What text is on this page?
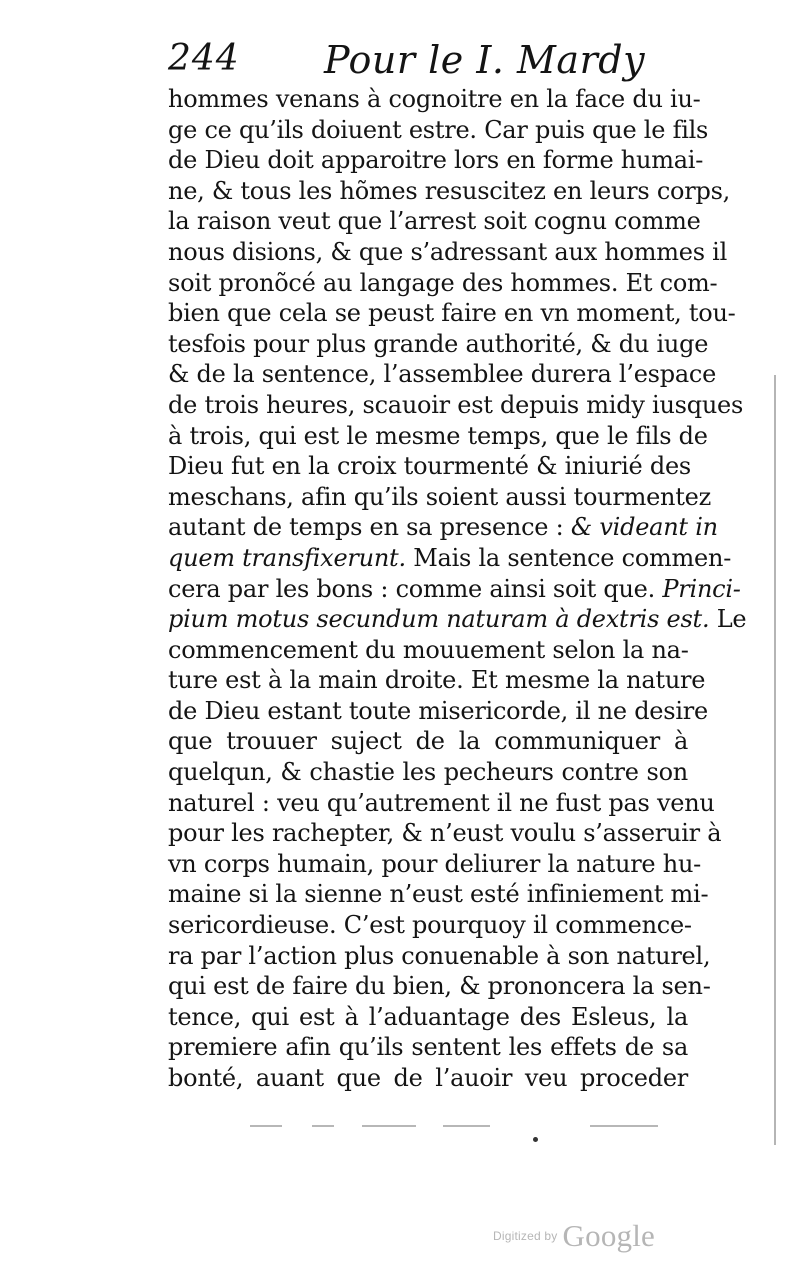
244 Pour le I. Mardy
hommes venans à cognoitre en la face du iu-
ge ce qu’ils doiuent estre. Car puis que le fils
de Dieu doit apparoitre lors en forme humai-
ne, & tous les hõmes resuscitez en leurs corps,
la raison veut que l’arrest soit cognu comme
nous disions, & que s’adressant aux hommes il
soit pronõcé au langage des hommes. Et com-
bien que cela se peust faire en vn moment, tou-
tesfois pour plus grande authorité, & du iuge
& de la sentence, l’assemblee durera l’espace
de trois heures, scauoir est depuis midy iusques
à trois, qui est le mesme temps, que le fils de
Dieu fut en la croix tourmenté & iniurié des
meschans, afin qu’ils soient aussi tourmentez
autant de temps en sa presence : & videant in
quem transfixerunt. Mais la sentence commen-
cera par les bons : comme ainsi soit que. Princi-
pium motus secundum naturam à dextris est. Le
commencement du mouuement selon la na-
ture est à la main droite. Et mesme la nature
de Dieu estant toute misericorde, il ne desire
que trouuer suject de la communiquer à
quelqun, & chastie les pecheurs contre son
naturel : veu qu’autrement il ne fust pas venu
pour les rachepter, & n’eust voulu s’asseruir à
vn corps humain, pour deliurer la nature hu-
maine si la sienne n’eust esté infiniement mi-
sericordieuse. C’est pourquoy il commence-
ra par l’action plus conuenable à son naturel,
qui est de faire du bien, & prononcera la sen-
tence, qui est à l’aduantage des Esleus, la
premiere afin qu’ils sentent les effets de sa
bonté, auant que de l’auoir veu proceder
Digitized by Google
